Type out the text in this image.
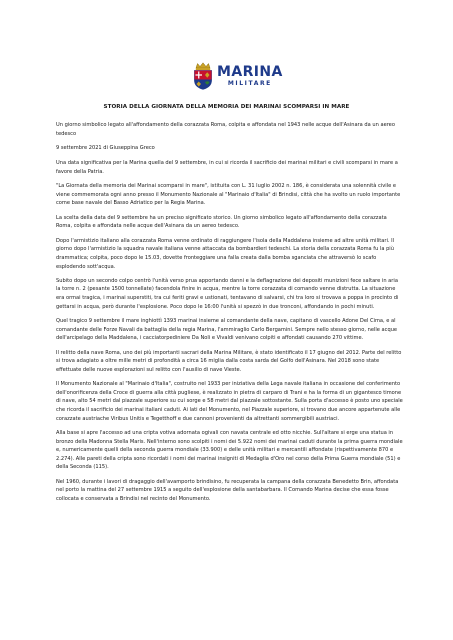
MARINA
MILITARE
STORIA DELLA GIORNATA DELLA MEMORIA DEI MARINAI SCOMPARSI IN MARE

Un giorno simbolico legato all'affondamento della corazzata Roma, colpita e affondata nel 1943 nelle acque dell'Asinara da un aereo tedesco

9 settembre 2021 di Giuseppina Greco

Una data significativa per la Marina quella del 9 settembre, in cui si ricorda il sacrificio dei marinai militari e civili scomparsi in mare a favore della Patria.

"La Giornata della memoria dei Marinai scomparsi in mare", istituita con L. 31 luglio 2002 n. 186, è considerata una solennità civile e viene commemorata ogni anno presso il Monumento Nazionale al "Marinaio d'Italia" di Brindisi, città che ha svolto un ruolo importante come base navale del Basso Adriatico per la Regia Marina.

La scelta della data del 9 settembre ha un preciso significato storico. Un giorno simbolico legato all'affondamento della corazzata Roma, colpita e affondata nelle acque dell'Asinara da un aereo tedesco.

Dopo l'armistizio italiano alla corazzata Roma venne ordinato di raggiungere l'isola della Maddalena insieme ad altre unità militari. Il giorno dopo l'armistizio la squadra navale italiana venne attaccata da bombardieri tedeschi. La storia della corazzata Roma fu la più drammatica; colpita, poco dopo le 15.03, dovette fronteggiare una falla creata dalla bomba sganciata che attraversò lo scafo esplodendo sott'acqua.

Subito dopo un secondo colpo centrò l'unità verso prua apportando danni e la deflagrazione dei depositi munizioni fece saltare in aria la torre n. 2 (pesante 1500 tonnellate) facendola finire in acqua, mentre la torre corazzata di comando venne distrutta. La situazione era ormai tragica, i marinai superstiti, tra cui feriti gravi e ustionati, tentavano di salvarsi, chi tra loro si trovava a poppa in procinto di gettarsi in acqua, però durante l'esplosione. Poco dopo le 16:00 l'unità si spezzò in due tronconi, affondando in pochi minuti.

Quel tragico 9 settembre il mare inghiottì 1393 marinai insieme al comandante della nave, capitano di vascello Adone Del Cima, e al comandante delle Forze Navali da battaglia della regia Marina, l'ammiraglio Carlo Bergamini. Sempre nello stesso giorno, nelle acque dell'arcipelago della Maddalena, i cacciatorpediniere Da Noli e Vivaldi venivano colpiti e affondati causando 270 vittime.

Il relitto della nave Roma, uno dei più importanti sacrari della Marina Militare, è stato identificato il 17 giugno del 2012. Parte del relitto si trova adagiato a oltre mille metri di profondità a circa 16 miglia dalla costa sarda del Golfo dell'Asinara. Nel 2018 sono state effettuate delle nuove esplorazioni sul relitto con l'ausilio di nave Vieste.

Il Monumento Nazionale al "Marinaio d'Italia", costruito nel 1933 per iniziativa della Lega navale italiana in occasione del conferimento dell'onorificenza della Croce di guerra alla città pugliese, è realizzato in pietra di carparo di Trani e ha la forma di un gigantesco timone di nave, alto 54 metri dal piazzale superiore su cui sorge e 58 metri dal piazzale sottostante. Sulla porta d'accesso è posto uno speciale che ricorda il sacrificio dei marinai italiani caduti. Ai lati del Monumento, nel Piazzale superiore, si trovano due ancore appartenute alle corazzate austriache Viribus Unitis e Tegetthoff e due cannoni provenienti da altrettanti sommergibili austriaci.

Alla base si apre l'accesso ad una cripta votiva adornata ogivali con navata centrale ed otto nicchie. Sull'altare si erge una statua in bronzo della Madonna Stella Maris. Nell'interno sono scolpiti i nomi dei 5.922 nomi dei marinai caduti durante la prima guerra mondiale e, numericamente quelli della seconda guerra mondiale (33.900) e delle unità militari e mercantili affondate (rispettivamente 870 e 2.274). Alle pareti della cripta sono ricordati i nomi dei marinai insigniti di Medaglia d'Oro nel corso della Prima Guerra mondiale (51) e della Seconda (115).

Nel 1960, durante i lavori di dragaggio dell'avamporto brindisino, fu recuperata la campana della corazzata Benedetto Brin, affondata nel porto la mattina del 27 settembre 1915 a seguito dell'esplosione della santabarbara. Il Comando Marina decise che essa fosse collocata e conservata a Brindisi nel recinto del Monumento.
